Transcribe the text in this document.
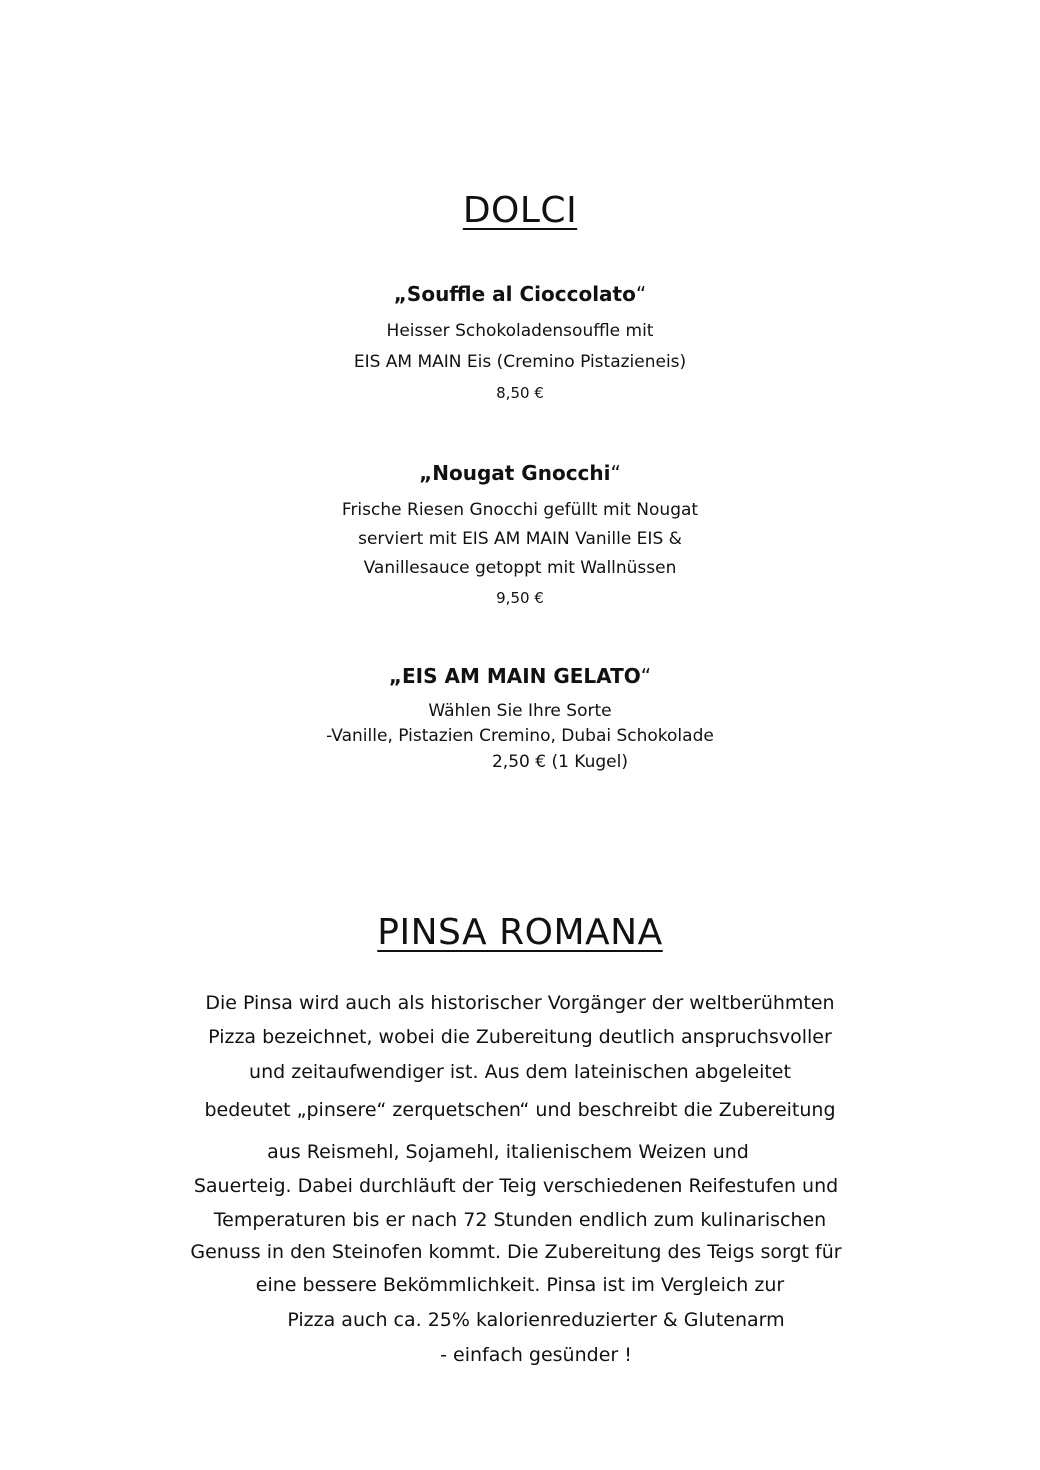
DOLCI
„Souffle al Cioccolato“
Heisser Schokoladensouffle mit
EIS AM MAIN Eis (Cremino Pistazieneis)
8,50 €
„Nougat Gnocchi“
Frische Riesen Gnocchi gefüllt mit Nougat
serviert mit EIS AM MAIN Vanille EIS &
Vanillesauce getoppt mit Wallnüssen
9,50 €
„EIS AM MAIN GELATO“
Wählen Sie Ihre Sorte
-Vanille, Pistazien Cremino, Dubai Schokolade
2,50 € (1 Kugel)
PINSA ROMANA
Die Pinsa wird auch als historischer Vorgänger der weltberühmten
Pizza bezeichnet, wobei die Zubereitung deutlich anspruchsvoller
und zeitaufwendiger ist. Aus dem lateinischen abgeleitet
bedeutet „pinsere“ zerquetschen“ und beschreibt die Zubereitung
aus Reismehl, Sojamehl, italienischem Weizen und
Sauerteig. Dabei durchläuft der Teig verschiedenen Reifestufen und
Temperaturen bis er nach 72 Stunden endlich zum kulinarischen
Genuss in den Steinofen kommt. Die Zubereitung des Teigs sorgt für
eine bessere Bekömmlichkeit. Pinsa ist im Vergleich zur
Pizza auch ca. 25% kalorienreduzierter & Glutenarm
- einfach gesünder !
